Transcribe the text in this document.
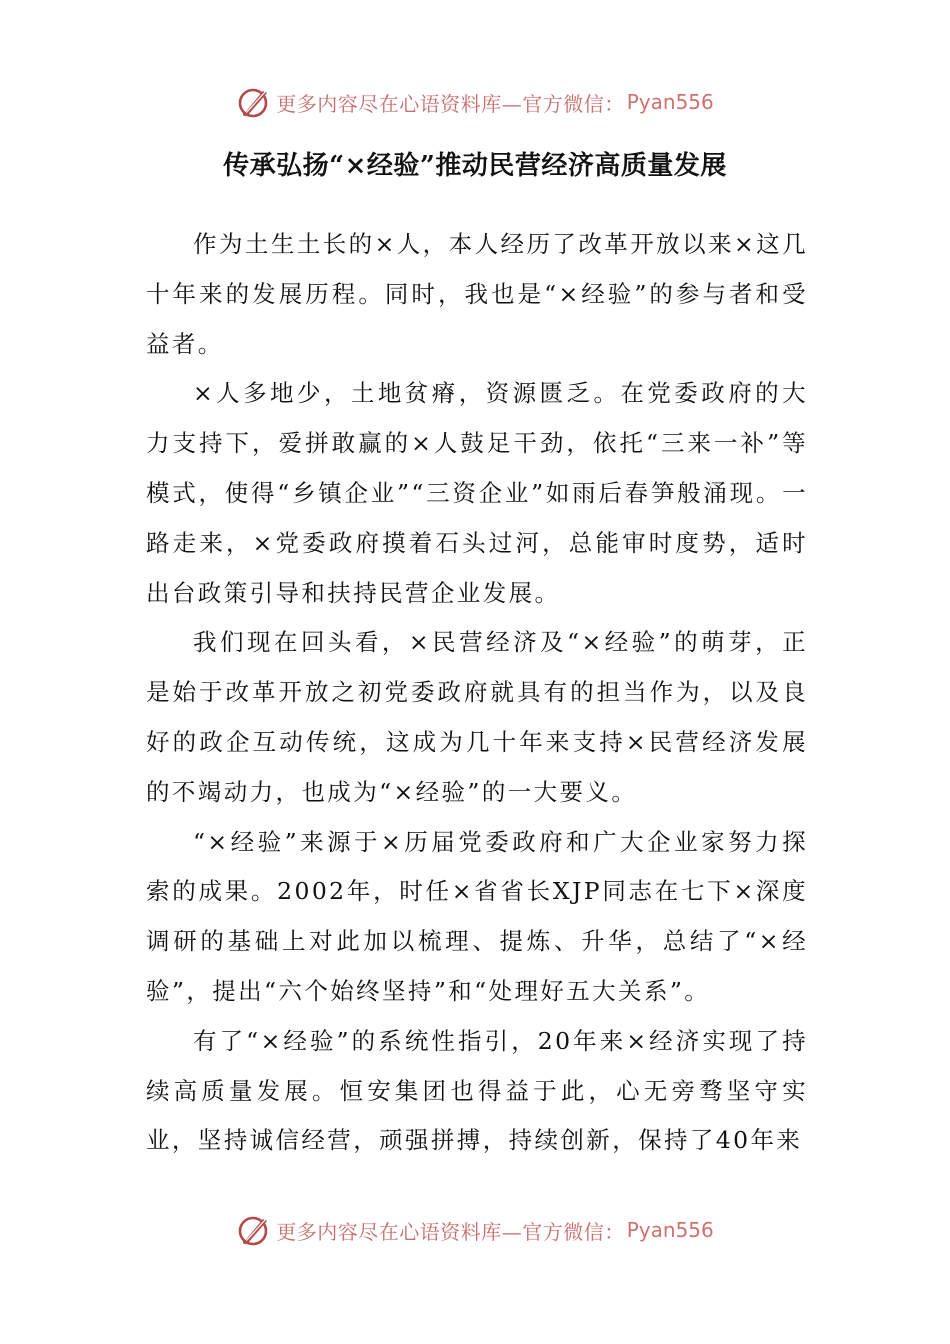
更多内容尽在心语资料库—官方微信： Pyan556
传承弘扬“×经验”推动民营经济高质量发展

作为土生土长的×人，本人经历了改革开放以来×这几十年来的发展历程。同时，我也是“×经验”的参与者和受益者。

×人多地少，土地贫瘠，资源匮乏。在党委政府的大力支持下，爱拼敢赢的×人鼓足干劲，依托“三来一补”等模式，使得“乡镇企业”“三资企业”如雨后春笋般涌现。一路走来，×党委政府摸着石头过河，总能审时度势，适时出台政策引导和扶持民营企业发展。

我们现在回头看，×民营经济及“×经验”的萌芽，正是始于改革开放之初党委政府就具有的担当作为，以及良好的政企互动传统，这成为几十年来支持×民营经济发展的不竭动力，也成为“×经验”的一大要义。

“×经验”来源于×历届党委政府和广大企业家努力探索的成果。2002年，时任×省省长XJP同志在七下×深度调研的基础上对此加以梳理、提炼、升华，总结了“×经验”，提出“六个始终坚持”和“处理好五大关系”。

有了“×经验”的系统性指引，20年来×经济实现了持续高质量发展。恒安集团也得益于此，心无旁骛坚守实业，坚持诚信经营，顽强拼搏，持续创新，保持了40年来

更多内容尽在心语资料库—官方微信： Pyan556
